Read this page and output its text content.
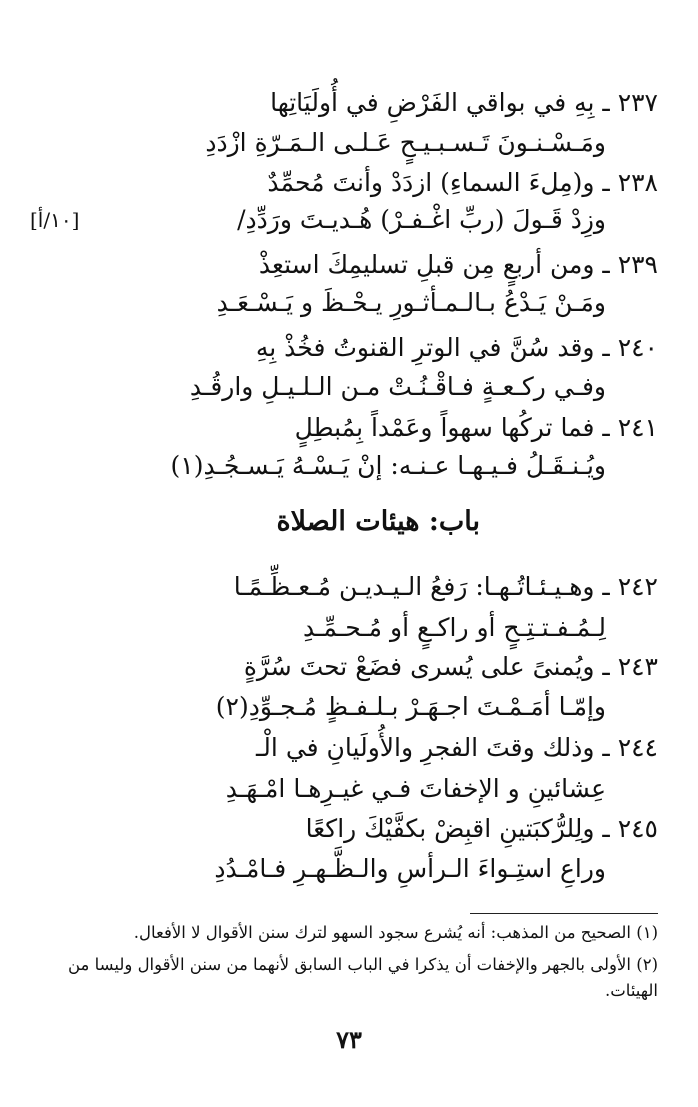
٢٣٧ ـ بِهِ في بواقي الفَرْضِ في أُولَيَاتِها
ومَـسْـنـونَ تَـسـبـيـحٍ عَـلـى الـمَـرّةِ ازْدَدِ
٢٣٨ ـ و(مِلءَ السماءِ) ازدَدْ وأنتَ مُحمِّدٌ
وزِدْ قَـولَ (ربِّ اغْـفـرْ) هُـديـتَ ورَدِّدِ/
[١٠/أ]
٢٣٩ ـ ومن أربعٍ مِن قبلِ تسليمِكَ استعِذْ
ومَـنْ يَـدْعُ بـالـمـأثـورِ يـحْـظَ و يَـسْـعَـدِ
٢٤٠ ـ وقد سُنَّ في الوترِ القنوتُ فخُذْ بِهِ
وفـي ركـعـةٍ فـاقْـنُـتْ مـن الـلـيـلِ وارقُـدِ
٢٤١ ـ فما تركُها سهواً وعَمْداً بِمُبطِلٍ
ويُـنـقَـلُ فـيـهـا عـنـه: إنْ يَـسْـهُ يَـسـجُـدِ(١)
باب: هيئات الصلاة
٢٤٢ ـ وهـيـئـاتُـهـا: رَفعُ الـيـديـن مُـعـظِّـمًـا
لِـمُـفـتـتِـحٍ أو راكـعٍ أو مُـحـمِّـدِ
٢٤٣ ـ ويُمنىً على يُسرى فضَعْ تحتَ سُرَّةٍ
وإمّـا أمَـمْـتَ اجـهَـرْ بـلـفـظٍ مُـجـوِّدِ(٢)
٢٤٤ ـ وذلك وقتَ الفجرِ والأُولَيانِ في الْـ
عِشائينِ و الإخفاتَ فـي غيـرِهـا امْـهَـدِ
٢٤٥ ـ ولِلرُّكبَتينِ اقبِضْ بكفَّيْكَ راكعًا
وراعِ استِـواءَ الـرأسِ والـظَّـهـرِ فـامْـدُدِ
(١) الصحيح من المذهب: أنه يُشرع سجود السهو لترك سنن الأقوال لا الأفعال.
(٢) الأولى بالجهر والإخفات أن يذكرا في الباب السابق لأنهما من سنن الأقوال وليسا من الهيئات.
٧٣
